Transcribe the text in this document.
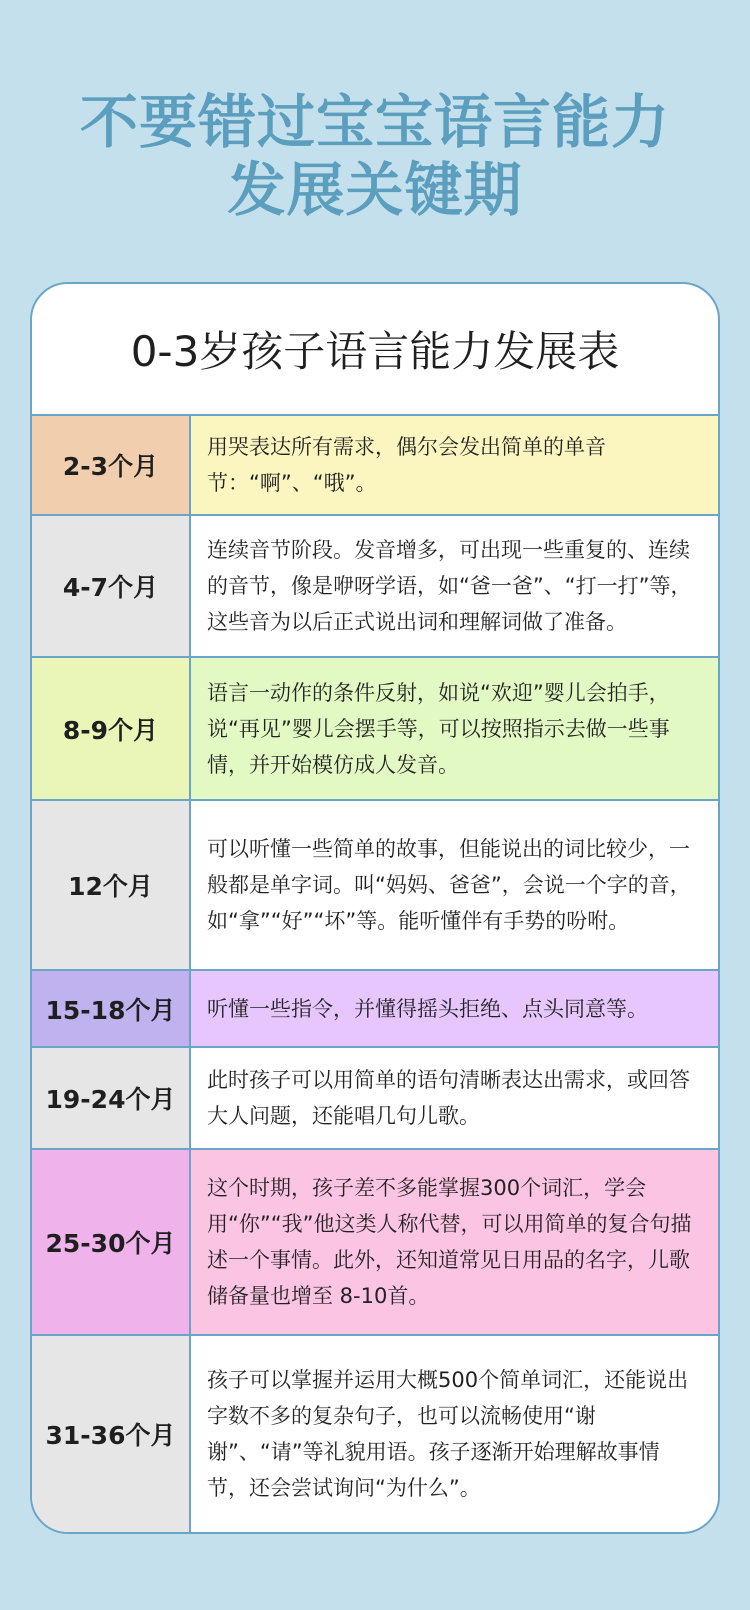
不要错过宝宝语言能力
发展关键期
0-3岁孩子语言能力发展表
2-3个月
用哭表达所有需求，偶尔会发出简单的单音节：“啊”、“哦”。
4-7个月
连续音节阶段。发音增多，可出现一些重复的、连续的音节，像是咿呀学语，如“爸一爸”、“打一打”等，这些音为以后正式说出词和理解词做了准备。
8-9个月
语言一动作的条件反射，如说“欢迎”婴儿会拍手，说“再见”婴儿会摆手等，可以按照指示去做一些事情，并开始模仿成人发音。
12个月
可以听懂一些简单的故事，但能说出的词比较少，一般都是单字词。叫“妈妈、爸爸”，会说一个字的音，如“拿”“好”“坏”等。能听懂伴有手势的吩咐。
15-18个月	听懂一些指令，并懂得摇头拒绝、点头同意等。
19-24个月
此时孩子可以用简单的语句清晰表达出需求，或回答大人问题，还能唱几句儿歌。
25-30个月
这个时期，孩子差不多能掌握300个词汇，学会用“你”“我”他这类人称代替，可以用简单的复合句描述一个事情。此外，还知道常见日用品的名字，儿歌储备量也增至 8-10首。
31-36个月
孩子可以掌握并运用大概500个简单词汇，还能说出字数不多的复杂句子，也可以流畅使用“谢谢”、“请”等礼貌用语。孩子逐渐开始理解故事情节，还会尝试询问“为什么”。
